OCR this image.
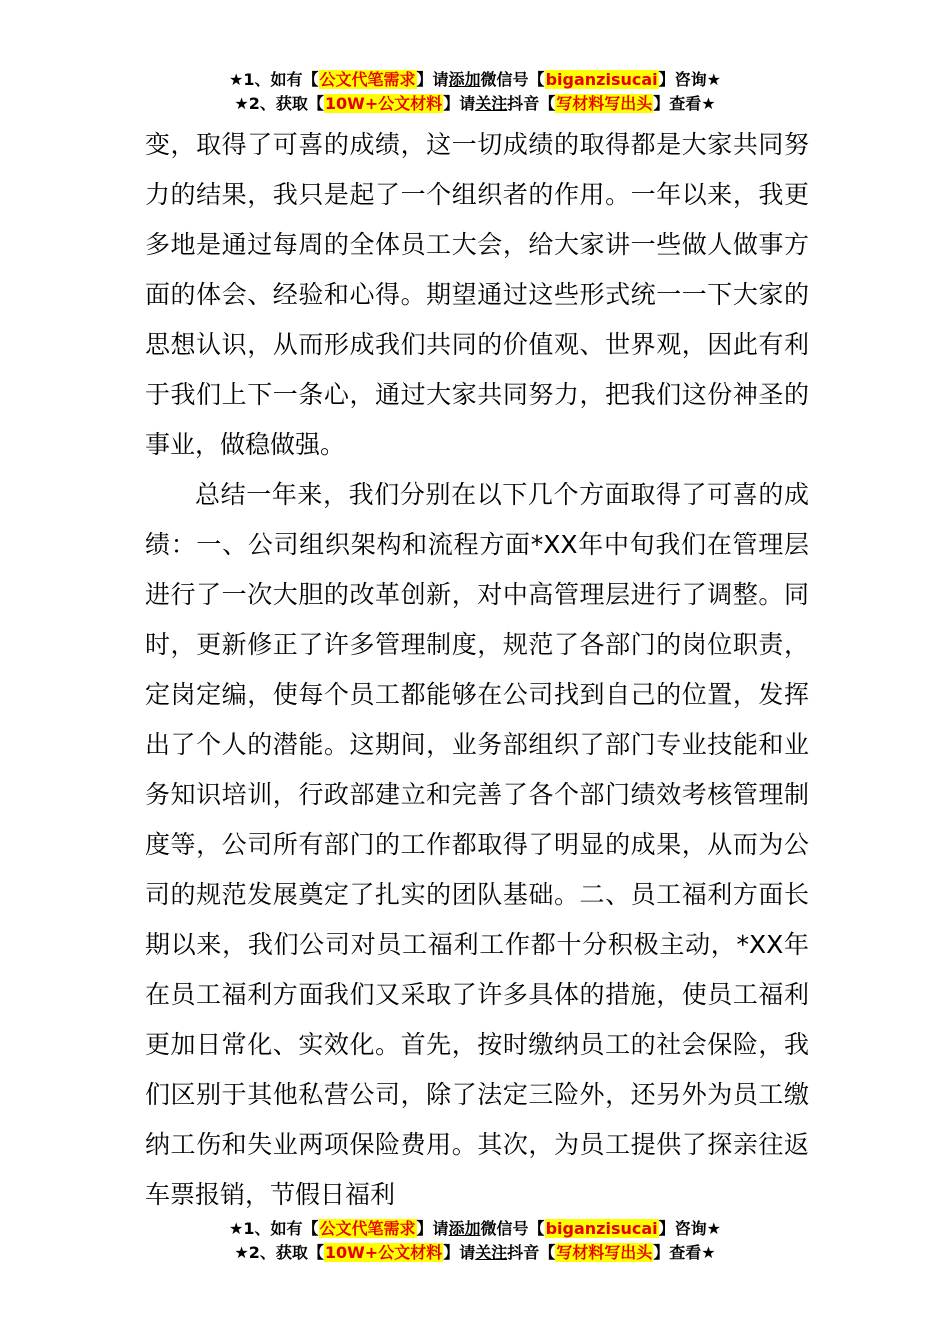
★1、如有【公文代笔需求】请添加微信号【biganzisucai】咨询★
★2、获取【10W+公文材料】请关注抖音【写材料写出头】查看★

变，取得了可喜的成绩，这一切成绩的取得都是大家共同努力的结果，我只是起了一个组织者的作用。一年以来，我更多地是通过每周的全体员工大会，给大家讲一些做人做事方面的体会、经验和心得。期望通过这些形式统一一下大家的思想认识，从而形成我们共同的价值观、世界观，因此有利于我们上下一条心，通过大家共同努力，把我们这份神圣的事业，做稳做强。

总结一年来，我们分别在以下几个方面取得了可喜的成绩：一、公司组织架构和流程方面*XX年中旬我们在管理层进行了一次大胆的改革创新，对中高管理层进行了调整。同时，更新修正了许多管理制度，规范了各部门的岗位职责，定岗定编，使每个员工都能够在公司找到自己的位置，发挥出了个人的潜能。这期间，业务部组织了部门专业技能和业务知识培训，行政部建立和完善了各个部门绩效考核管理制度等，公司所有部门的工作都取得了明显的成果，从而为公司的规范发展奠定了扎实的团队基础。二、员工福利方面长期以来，我们公司对员工福利工作都十分积极主动，*XX年在员工福利方面我们又采取了许多具体的措施，使员工福利更加日常化、实效化。首先，按时缴纳员工的社会保险，我们区别于其他私营公司，除了法定三险外，还另外为员工缴纳工伤和失业两项保险费用。其次，为员工提供了探亲往返车票报销，节假日福利

★1、如有【公文代笔需求】请添加微信号【biganzisucai】咨询★
★2、获取【10W+公文材料】请关注抖音【写材料写出头】查看★
